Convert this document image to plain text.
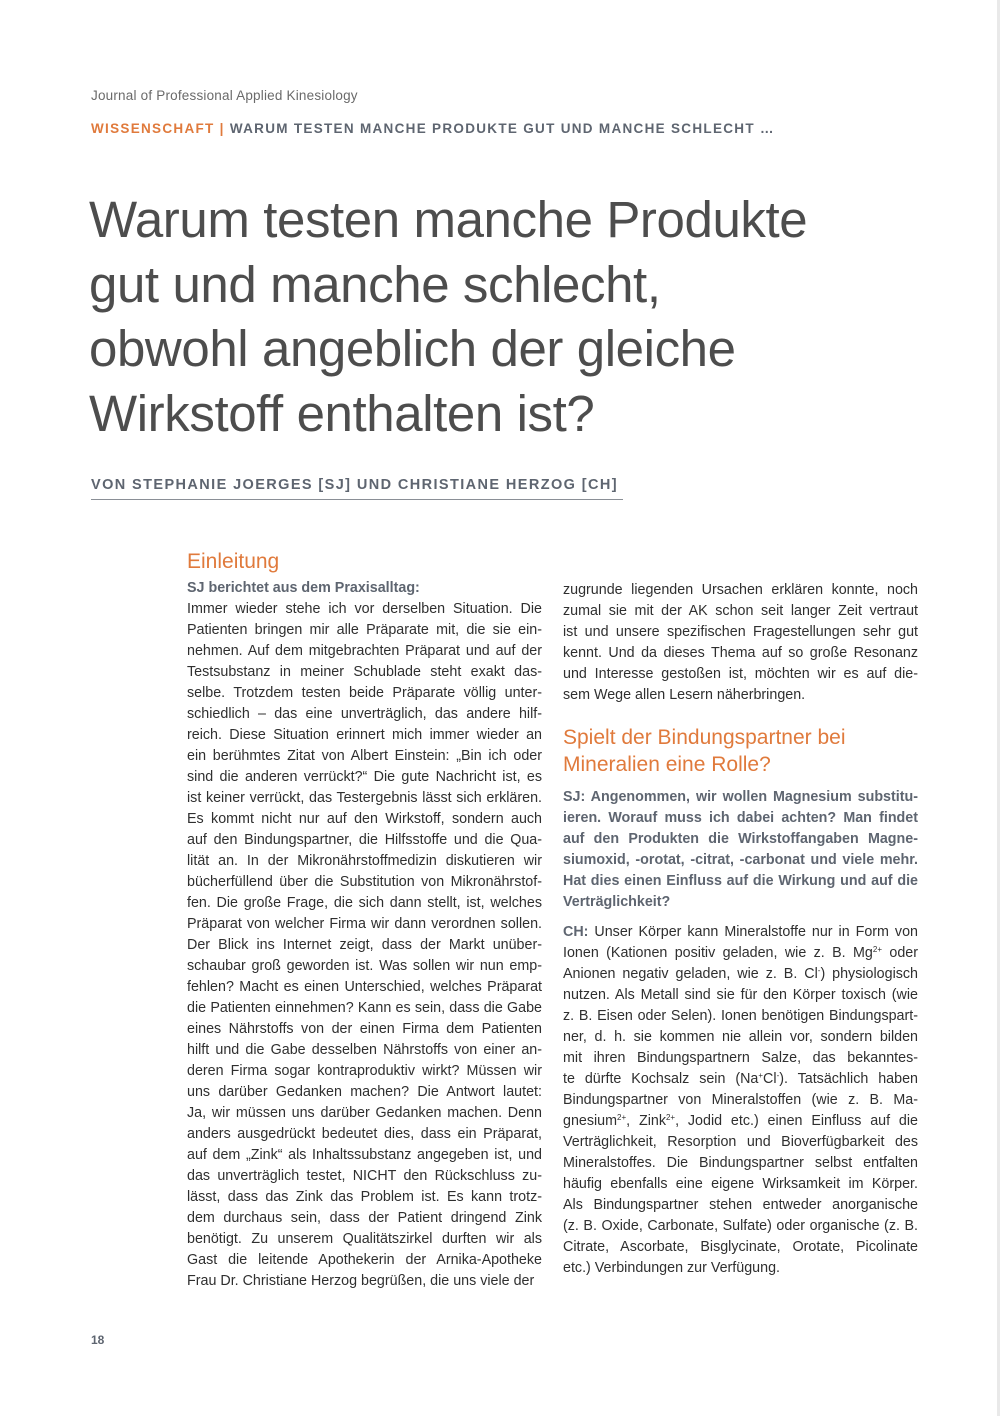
Journal of Professional Applied Kinesiology
WISSENSCHAFT | WARUM TESTEN MANCHE PRODUKTE GUT UND MANCHE SCHLECHT …
Warum testen manche Produkte
gut und manche schlecht,
obwohl angeblich der gleiche
Wirkstoff enthalten ist?
VON STEPHANIE JOERGES [SJ] UND CHRISTIANE HERZOG [CH]
Einleitung
SJ berichtet aus dem Praxisalltag:
Immer wieder stehe ich vor derselben Situation. Die
Patienten bringen mir alle Präparate mit, die sie ein-
nehmen. Auf dem mitgebrachten Präparat und auf der
Testsubstanz in meiner Schublade steht exakt das-
selbe. Trotzdem testen beide Präparate völlig unter-
schiedlich – das eine unverträglich, das andere hilf-
reich. Diese Situation erinnert mich immer wieder an
ein berühmtes Zitat von Albert Einstein: „Bin ich oder
sind die anderen verrückt?“ Die gute Nachricht ist, es
ist keiner verrückt, das Testergebnis lässt sich erklären.
Es kommt nicht nur auf den Wirkstoff, sondern auch
auf den Bindungspartner, die Hilfsstoffe und die Qua-
lität an. In der Mikronährstoffmedizin diskutieren wir
bücherfüllend über die Substitution von Mikronährstof-
fen. Die große Frage, die sich dann stellt, ist, welches
Präparat von welcher Firma wir dann verordnen sollen.
Der Blick ins Internet zeigt, dass der Markt unüber-
schaubar groß geworden ist. Was sollen wir nun emp-
fehlen? Macht es einen Unterschied, welches Präparat
die Patienten einnehmen? Kann es sein, dass die Gabe
eines Nährstoffs von der einen Firma dem Patienten
hilft und die Gabe desselben Nährstoffs von einer an-
deren Firma sogar kontraproduktiv wirkt? Müssen wir
uns darüber Gedanken machen? Die Antwort lautet:
Ja, wir müssen uns darüber Gedanken machen. Denn
anders ausgedrückt bedeutet dies, dass ein Präparat,
auf dem „Zink“ als Inhaltssubstanz angegeben ist, und
das unverträglich testet, NICHT den Rückschluss zu-
lässt, dass das Zink das Problem ist. Es kann trotz-
dem durchaus sein, dass der Patient dringend Zink
benötigt. Zu unserem Qualitätszirkel durften wir als
Gast die leitende Apothekerin der Arnika-Apotheke
Frau Dr. Christiane Herzog begrüßen, die uns viele der
zugrunde liegenden Ursachen erklären konnte, noch
zumal sie mit der AK schon seit langer Zeit vertraut
ist und unsere spezifischen Fragestellungen sehr gut
kennt. Und da dieses Thema auf so große Resonanz
und Interesse gestoßen ist, möchten wir es auf die-
sem Wege allen Lesern näherbringen.
Spielt der Bindungspartner bei
Mineralien eine Rolle?
SJ: Angenommen, wir wollen Magnesium substitu-
ieren. Worauf muss ich dabei achten? Man findet
auf den Produkten die Wirkstoffangaben Magne-
siumoxid, -orotat, -citrat, -carbonat und viele mehr.
Hat dies einen Einfluss auf die Wirkung und auf die
Verträglichkeit?
CH: Unser Körper kann Mineralstoffe nur in Form von
Ionen (Kationen positiv geladen, wie z. B. $Mg^{2+}$ oder
Anionen negativ geladen, wie z. B. Cl-) physiologisch
nutzen. Als Metall sind sie für den Körper toxisch (wie
z. B. Eisen oder Selen). Ionen benötigen Bindungspart-
ner, d. h. sie kommen nie allein vor, sondern bilden
mit ihren Bindungspartnern Salze, das bekanntes-
te dürfte Kochsalz sein (Na+Cl-). Tatsächlich haben
Bindungspartner von Mineralstoffen (wie z. B. Ma-
gnesium$^{2+}$, Zink$^{2+}$, Jodid etc.) einen Einfluss auf die
Verträglichkeit, Resorption und Bioverfügbarkeit des
Mineralstoffes. Die Bindungspartner selbst entfalten
häufig ebenfalls eine eigene Wirksamkeit im Körper.
Als Bindungspartner stehen entweder anorganische
(z. B. Oxide, Carbonate, Sulfate) oder organische (z. B.
Citrate, Ascorbate, Bisglycinate, Orotate, Picolinate
etc.) Verbindungen zur Verfügung.
18
